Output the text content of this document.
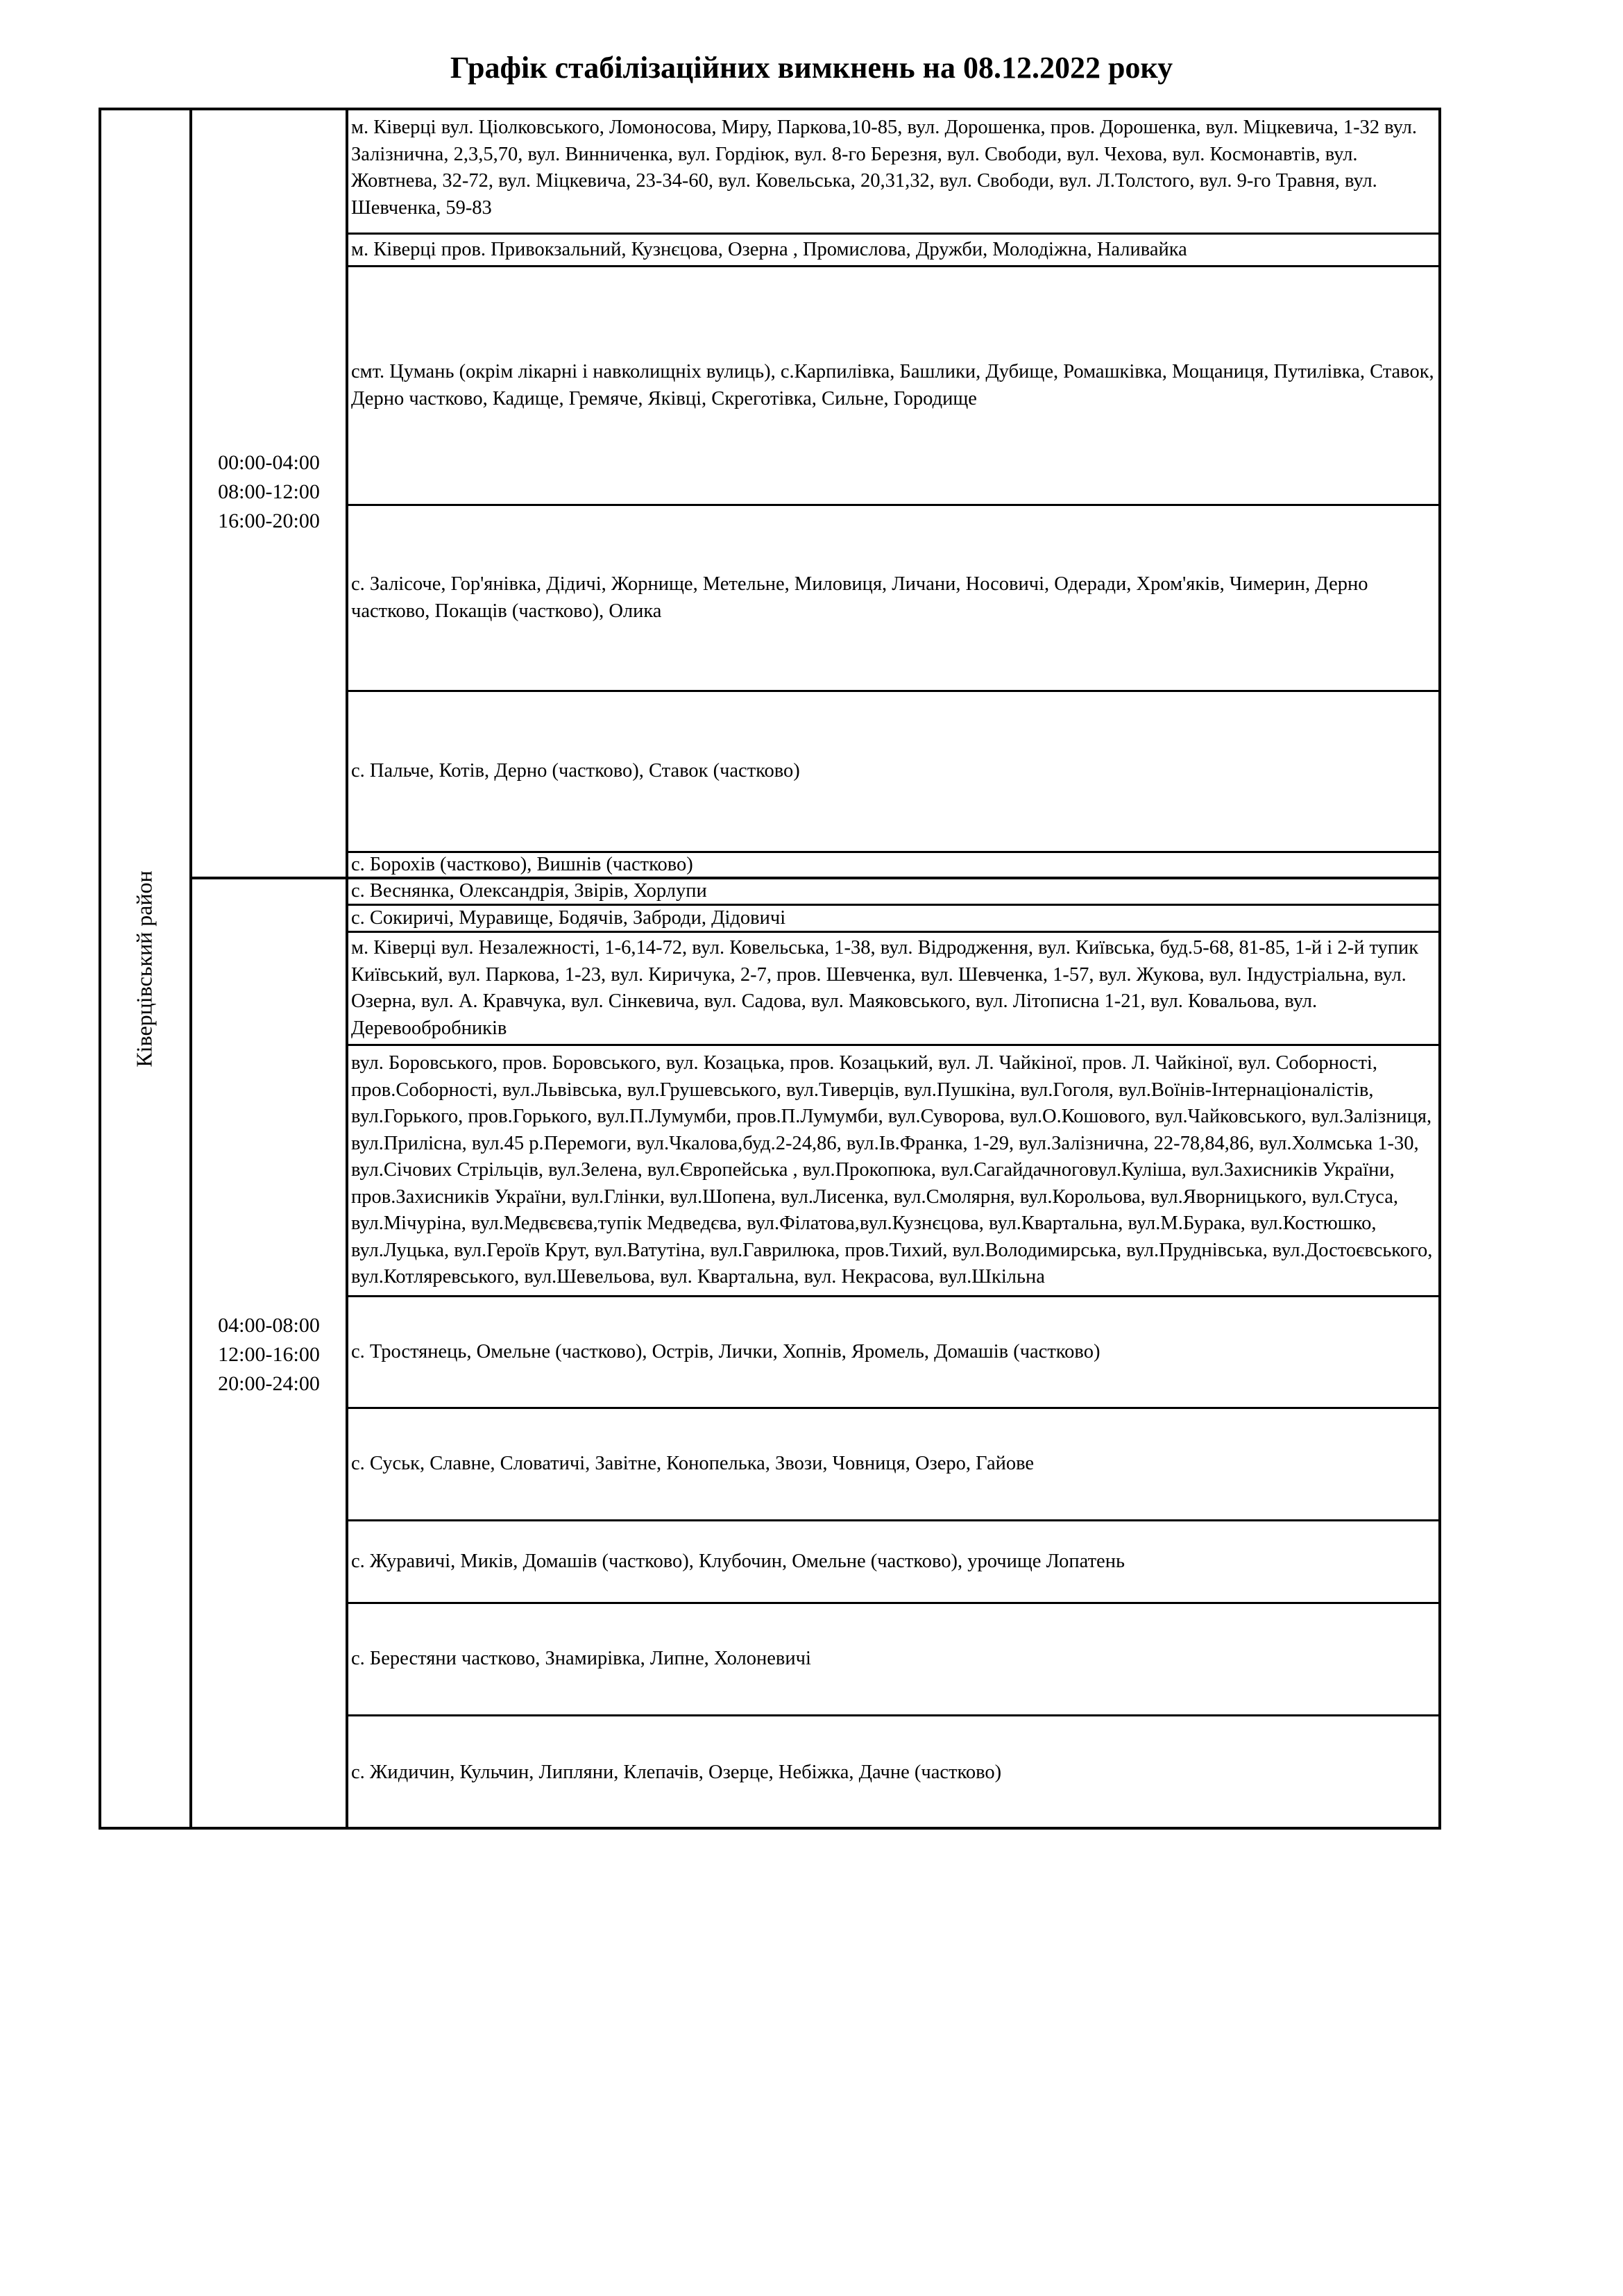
Графік стабілізаційних вимкнень на 08.12.2022 року
Ківерцівський район
00:00-04:00
08:00-12:00
16:00-20:00
04:00-08:00
12:00-16:00
20:00-24:00
м. Ківерці вул. Ціолковського, Ломоносова, Миру, Паркова,10-85, вул. Дорошенка, пров. Дорошенка, вул. Міцкевича, 1-32 вул. Залізнична, 2,3,5,70, вул. Винниченка, вул. Гордіюк, вул. 8-го Березня, вул. Свободи, вул. Чехова, вул. Космонавтів, вул. Жовтнева, 32-72, вул. Міцкевича, 23-34-60, вул. Ковельська, 20,31,32, вул. Свободи, вул. Л.Толстого, вул. 9-го Травня, вул. Шевченка, 59-83
м. Ківерці пров. Привокзальний, Кузнєцова, Озерна , Промислова, Дружби, Молодіжна, Наливайка
смт. Цумань (окрім лікарні і навколищніх вулиць), с.Карпилівка, Башлики, Дубище, Ромашківка, Мощаниця, Путилівка, Ставок, Дерно частково, Кадище, Гремяче, Яківці, Скреготівка, Сильне, Городище
с. Залісоче, Гор'янівка, Дідичі, Жорнище, Метельне, Миловиця, Личани, Носовичі, Одеради, Хром'яків, Чимерин, Дерно частково, Покащів (частково), Олика
с. Пальче, Котів, Дерно (частково), Ставок (частково)
с. Борохів (частково), Вишнів (частково)
с. Веснянка, Олександрія, Звірів, Хорлупи
с. Сокиричі, Муравище, Бодячів, Заброди, Дідовичі
м. Ківерці вул. Незалежності, 1-6,14-72, вул. Ковельська, 1-38, вул. Відродження, вул. Київська, буд.5-68, 81-85, 1-й і 2-й тупик Київський, вул. Паркова, 1-23, вул. Киричука, 2-7, пров. Шевченка, вул. Шевченка, 1-57, вул. Жукова, вул. Індустріальна, вул. Озерна, вул. А. Кравчука, вул. Сінкевича, вул. Садова, вул. Маяковського, вул. Літописна 1-21, вул. Ковальова, вул. Деревообробників
вул. Боровського, пров. Боровського, вул. Козацька, пров. Козацький, вул. Л. Чайкіної, пров. Л. Чайкіної, вул. Соборності, пров.Соборності, вул.Львівська, вул.Грушевського, вул.Тиверців, вул.Пушкіна, вул.Гоголя, вул.Воїнів-Інтернаціоналістів, вул.Горького, пров.Горького, вул.П.Лумумби, пров.П.Лумумби, вул.Суворова, вул.О.Кошового, вул.Чайковського, вул.Залізниця, вул.Прилісна, вул.45 р.Перемоги, вул.Чкалова,буд.2-24,86, вул.Ів.Франка, 1-29, вул.Залізнична, 22-78,84,86, вул.Холмська 1-30, вул.Січових Стрільців, вул.Зелена, вул.Європейська , вул.Прокопюка, вул.Сагайдачноговул.Куліша, вул.Захисників України, пров.Захисників України, вул.Глінки, вул.Шопена, вул.Лисенка, вул.Смолярня, вул.Корольова, вул.Яворницького, вул.Стуса, вул.Мічуріна, вул.Медвєвєва,тупік Медведєва, вул.Філатова,вул.Кузнєцова, вул.Квартальна, вул.М.Бурака, вул.Костюшко, вул.Луцька, вул.Героїв Крут, вул.Ватутіна, вул.Гаврилюка, пров.Тихий, вул.Володимирська, вул.Пруднівська, вул.Достоєвського, вул.Котляревського, вул.Шевельова, вул. Квартальна, вул. Некрасова, вул.Шкільна
с. Тростянець, Омельне (частково), Острів, Лички, Хопнів, Яромель, Домашів (частково)
с. Суськ, Славне, Словатичі, Завітне, Конопелька, Звози, Човниця, Озеро, Гайове
с. Журавичі, Миків, Домашів (частково), Клубочин, Омельне (частково), урочище Лопатень
с. Берестяни частково, Знамирівка, Липне, Холоневичі
с. Жидичин, Кульчин, Липляни, Клепачів, Озерце, Небіжка, Дачне (частково)
